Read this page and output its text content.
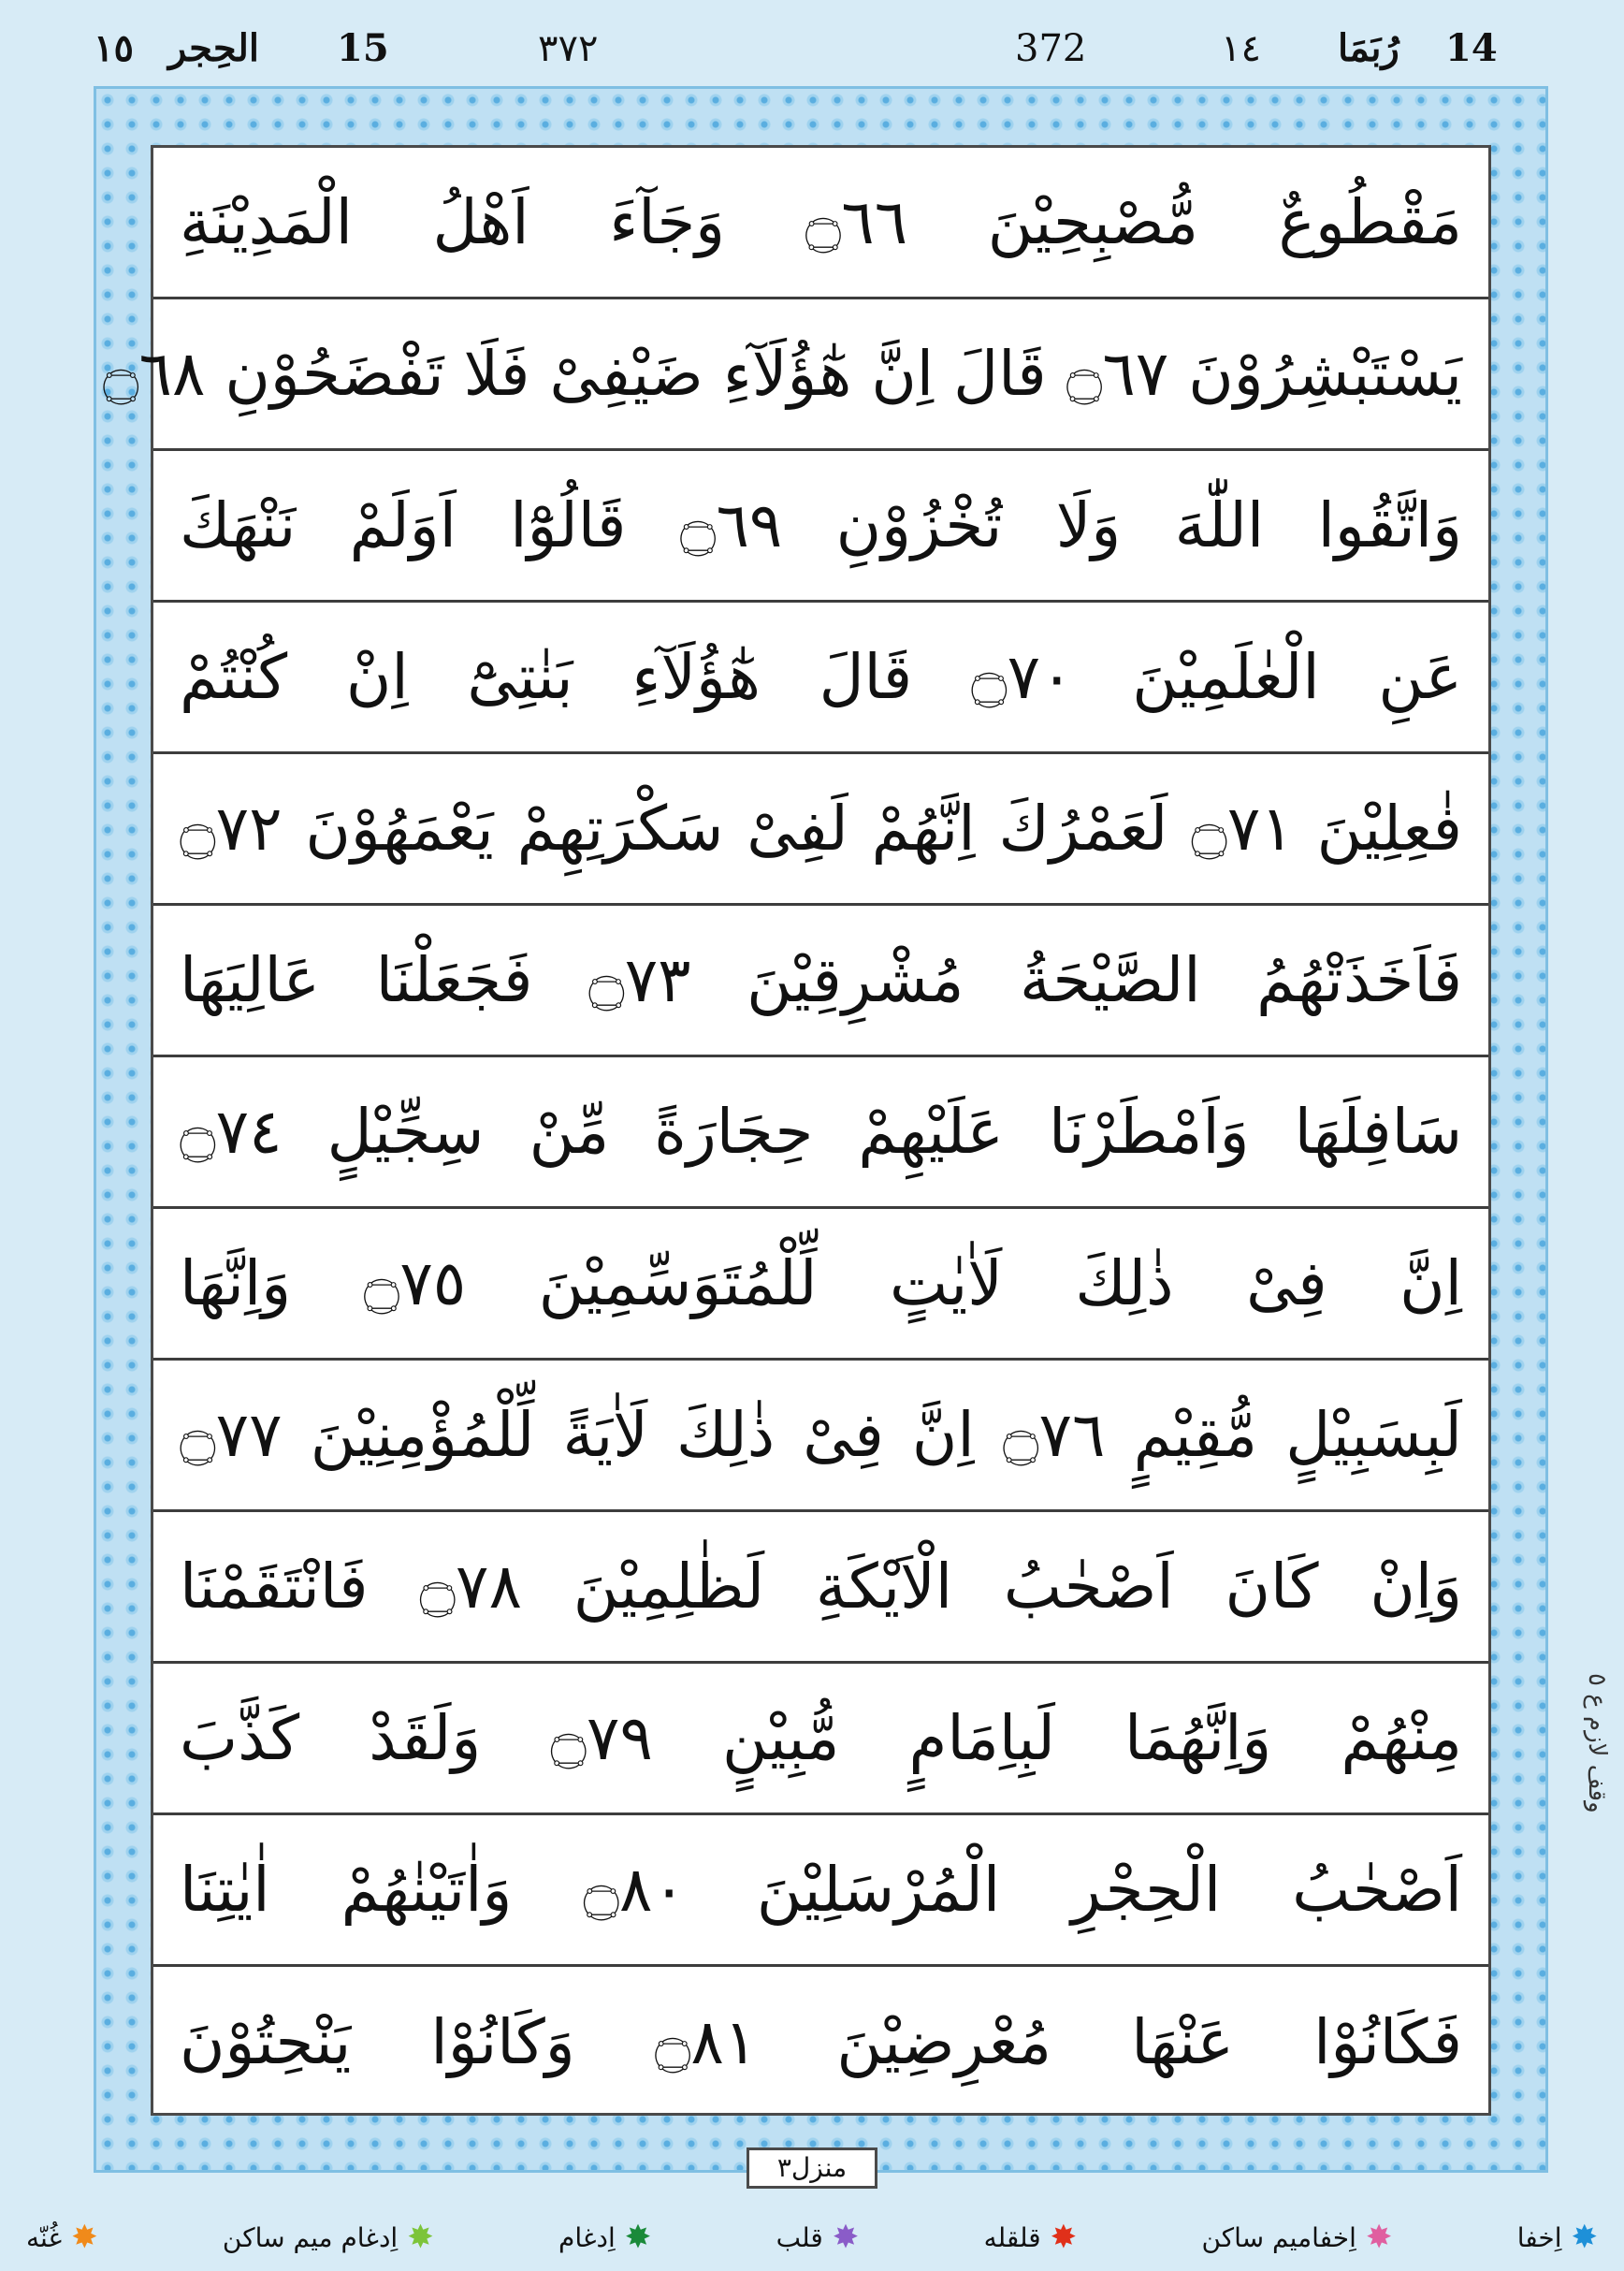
١٥ الحِجر 15	٣٧٢	372	١٤ رُبَمَا 14
مَقْطُوعٌ مُّصْبِحِيْنَ ۝٦٦ وَجَآءَ اَهْلُ الْمَدِيْنَةِ
يَسْتَبْشِرُوْنَ ۝٦٧ قَالَ اِنَّ هٰٓؤُلَآءِ ضَيْفِىْ فَلَا تَفْضَحُوْنِ ۝٦٨
وَاتَّقُوا اللّٰهَ وَلَا تُخْزُوْنِ ۝٦٩ قَالُوْٓا اَوَلَمْ نَنْهَكَ
عَنِ الْعٰلَمِيْنَ ۝٧٠ قَالَ هٰٓؤُلَآءِ بَنٰتِىْٓ اِنْ كُنْتُمْ
فٰعِلِيْنَ ۝٧١ لَعَمْرُكَ اِنَّهُمْ لَفِىْ سَكْرَتِهِمْ يَعْمَهُوْنَ ۝٧٢
فَاَخَذَتْهُمُ الصَّيْحَةُ مُشْرِقِيْنَ ۝٧٣ فَجَعَلْنَا عَالِيَهَا
سَافِلَهَا وَاَمْطَرْنَا عَلَيْهِمْ حِجَارَةً مِّنْ سِجِّيْلٍ ۝٧٤
اِنَّ فِىْ ذٰلِكَ لَاٰيٰتٍ لِّلْمُتَوَسِّمِيْنَ ۝٧٥ وَاِنَّهَا
لَبِسَبِيْلٍ مُّقِيْمٍ ۝٧٦ اِنَّ فِىْ ذٰلِكَ لَاٰيَةً لِّلْمُؤْمِنِيْنَ ۝٧٧
وَاِنْ كَانَ اَصْحٰبُ الْاَيْكَةِ لَظٰلِمِيْنَ ۝٧٨ فَانْتَقَمْنَا
مِنْهُمْ وَاِنَّهُمَا لَبِاِمَامٍ مُّبِيْنٍ ۝٧٩ وَلَقَدْ كَذَّبَ
اَصْحٰبُ الْحِجْرِ الْمُرْسَلِيْنَ ۝٨٠ وَاٰتَيْنٰهُمْ اٰيٰتِنَا
فَكَانُوْا عَنْهَا مُعْرِضِيْنَ ۝٨١ وَكَانُوْا يَنْحِتُوْنَ
وقف لازم ع ٥
منزل٣
✸
اِخفا
✸
اِخفاميم ساكن
✸
قلقله
✸
قلب
✸
اِدغام
✸
اِدغام ميم ساكن
✸
غُنّه
